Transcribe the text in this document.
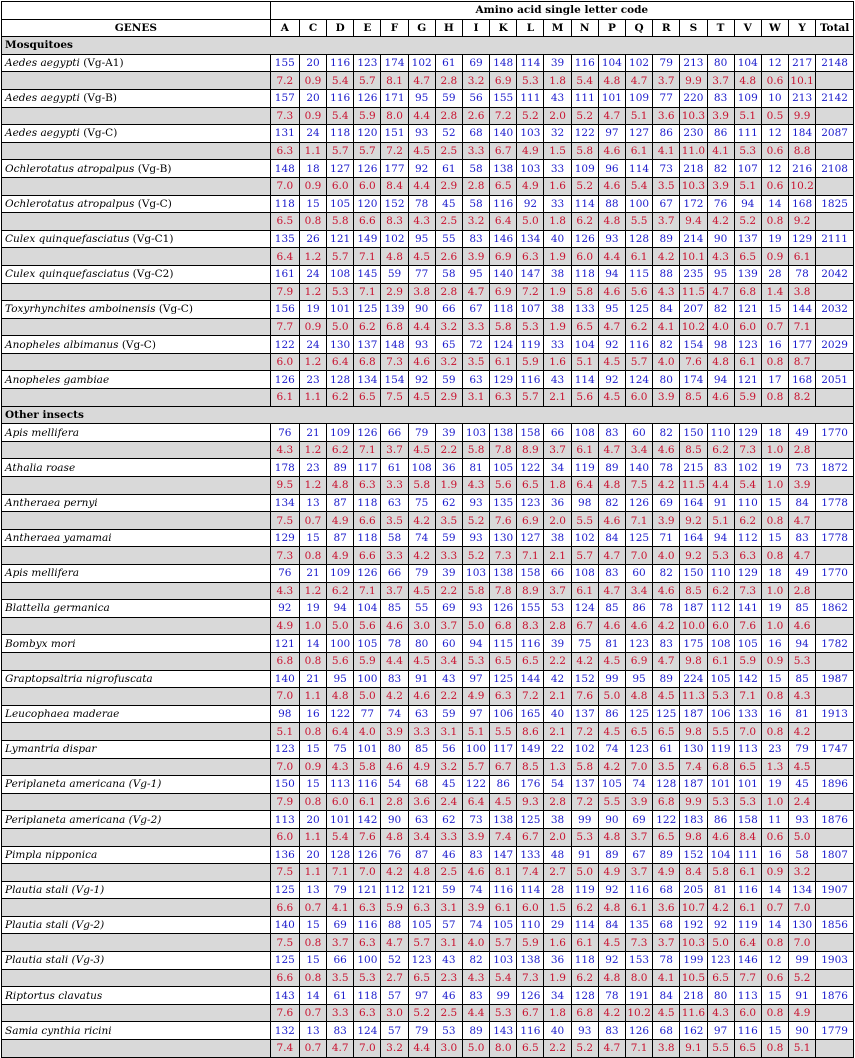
	Amino acid single letter code																				
GENES	A	C	D	E	F	G	H	I	K	L	M	N	P	Q	R	S	T	V	W	Y	Total
Mosquitoes																					
Aedes aegypti (Vg-A1)	155	20	116	123	174	102	61	69	148	114	39	116	104	102	79	213	80	104	12	217	2148
	7.2	0.9	5.4	5.7	8.1	4.7	2.8	3.2	6.9	5.3	1.8	5.4	4.8	4.7	3.7	9.9	3.7	4.8	0.6	10.1	
Aedes aegypti (Vg-B)	157	20	116	126	171	95	59	56	155	111	43	111	101	109	77	220	83	109	10	213	2142
	7.3	0.9	5.4	5.9	8.0	4.4	2.8	2.6	7.2	5.2	2.0	5.2	4.7	5.1	3.6	10.3	3.9	5.1	0.5	9.9	
Aedes aegypti (Vg-C)	131	24	118	120	151	93	52	68	140	103	32	122	97	127	86	230	86	111	12	184	2087
	6.3	1.1	5.7	5.7	7.2	4.5	2.5	3.3	6.7	4.9	1.5	5.8	4.6	6.1	4.1	11.0	4.1	5.3	0.6	8.8	
Ochlerotatus atropalpus (Vg-B)	148	18	127	126	177	92	61	58	138	103	33	109	96	114	73	218	82	107	12	216	2108
	7.0	0.9	6.0	6.0	8.4	4.4	2.9	2.8	6.5	4.9	1.6	5.2	4.6	5.4	3.5	10.3	3.9	5.1	0.6	10.2	
Ochlerotatus atropalpus (Vg-C)	118	15	105	120	152	78	45	58	116	92	33	114	88	100	67	172	76	94	14	168	1825
	6.5	0.8	5.8	6.6	8.3	4.3	2.5	3.2	6.4	5.0	1.8	6.2	4.8	5.5	3.7	9.4	4.2	5.2	0.8	9.2	
Culex quinquefasciatus (Vg-C1)	135	26	121	149	102	95	55	83	146	134	40	126	93	128	89	214	90	137	19	129	2111
	6.4	1.2	5.7	7.1	4.8	4.5	2.6	3.9	6.9	6.3	1.9	6.0	4.4	6.1	4.2	10.1	4.3	6.5	0.9	6.1	
Culex quinquefasciatus (Vg-C2)	161	24	108	145	59	77	58	95	140	147	38	118	94	115	88	235	95	139	28	78	2042
	7.9	1.2	5.3	7.1	2.9	3.8	2.8	4.7	6.9	7.2	1.9	5.8	4.6	5.6	4.3	11.5	4.7	6.8	1.4	3.8	
Toxyrhynchites amboinensis (Vg-C)	156	19	101	125	139	90	66	67	118	107	38	133	95	125	84	207	82	121	15	144	2032
	7.7	0.9	5.0	6.2	6.8	4.4	3.2	3.3	5.8	5.3	1.9	6.5	4.7	6.2	4.1	10.2	4.0	6.0	0.7	7.1	
Anopheles albimanus (Vg-C)	122	24	130	137	148	93	65	72	124	119	33	104	92	116	82	154	98	123	16	177	2029
	6.0	1.2	6.4	6.8	7.3	4.6	3.2	3.5	6.1	5.9	1.6	5.1	4.5	5.7	4.0	7.6	4.8	6.1	0.8	8.7	
Anopheles gambiae	126	23	128	134	154	92	59	63	129	116	43	114	92	124	80	174	94	121	17	168	2051
	6.1	1.1	6.2	6.5	7.5	4.5	2.9	3.1	6.3	5.7	2.1	5.6	4.5	6.0	3.9	8.5	4.6	5.9	0.8	8.2	
Other insects																					
Apis mellifera	76	21	109	126	66	79	39	103	138	158	66	108	83	60	82	150	110	129	18	49	1770
	4.3	1.2	6.2	7.1	3.7	4.5	2.2	5.8	7.8	8.9	3.7	6.1	4.7	3.4	4.6	8.5	6.2	7.3	1.0	2.8	
Athalia roase	178	23	89	117	61	108	36	81	105	122	34	119	89	140	78	215	83	102	19	73	1872
	9.5	1.2	4.8	6.3	3.3	5.8	1.9	4.3	5.6	6.5	1.8	6.4	4.8	7.5	4.2	11.5	4.4	5.4	1.0	3.9	
Antheraea pernyi	134	13	87	118	63	75	62	93	135	123	36	98	82	126	69	164	91	110	15	84	1778
	7.5	0.7	4.9	6.6	3.5	4.2	3.5	5.2	7.6	6.9	2.0	5.5	4.6	7.1	3.9	9.2	5.1	6.2	0.8	4.7	
Antheraea yamamai	129	15	87	118	58	74	59	93	130	127	38	102	84	125	71	164	94	112	15	83	1778
	7.3	0.8	4.9	6.6	3.3	4.2	3.3	5.2	7.3	7.1	2.1	5.7	4.7	7.0	4.0	9.2	5.3	6.3	0.8	4.7	
Apis mellifera	76	21	109	126	66	79	39	103	138	158	66	108	83	60	82	150	110	129	18	49	1770
	4.3	1.2	6.2	7.1	3.7	4.5	2.2	5.8	7.8	8.9	3.7	6.1	4.7	3.4	4.6	8.5	6.2	7.3	1.0	2.8	
Blattella germanica	92	19	94	104	85	55	69	93	126	155	53	124	85	86	78	187	112	141	19	85	1862
	4.9	1.0	5.0	5.6	4.6	3.0	3.7	5.0	6.8	8.3	2.8	6.7	4.6	4.6	4.2	10.0	6.0	7.6	1.0	4.6	
Bombyx mori	121	14	100	105	78	80	60	94	115	116	39	75	81	123	83	175	108	105	16	94	1782
	6.8	0.8	5.6	5.9	4.4	4.5	3.4	5.3	6.5	6.5	2.2	4.2	4.5	6.9	4.7	9.8	6.1	5.9	0.9	5.3	
Graptopsaltria nigrofuscata	140	21	95	100	83	91	43	97	125	144	42	152	99	95	89	224	105	142	15	85	1987
	7.0	1.1	4.8	5.0	4.2	4.6	2.2	4.9	6.3	7.2	2.1	7.6	5.0	4.8	4.5	11.3	5.3	7.1	0.8	4.3	
Leucophaea maderae	98	16	122	77	74	63	59	97	106	165	40	137	86	125	125	187	106	133	16	81	1913
	5.1	0.8	6.4	4.0	3.9	3.3	3.1	5.1	5.5	8.6	2.1	7.2	4.5	6.5	6.5	9.8	5.5	7.0	0.8	4.2	
Lymantria dispar	123	15	75	101	80	85	56	100	117	149	22	102	74	123	61	130	119	113	23	79	1747
	7.0	0.9	4.3	5.8	4.6	4.9	3.2	5.7	6.7	8.5	1.3	5.8	4.2	7.0	3.5	7.4	6.8	6.5	1.3	4.5	
Periplaneta americana (Vg-1)	150	15	113	116	54	68	45	122	86	176	54	137	105	74	128	187	101	101	19	45	1896
	7.9	0.8	6.0	6.1	2.8	3.6	2.4	6.4	4.5	9.3	2.8	7.2	5.5	3.9	6.8	9.9	5.3	5.3	1.0	2.4	
Periplaneta americana (Vg-2)	113	20	101	142	90	63	62	73	138	125	38	99	90	69	122	183	86	158	11	93	1876
	6.0	1.1	5.4	7.6	4.8	3.4	3.3	3.9	7.4	6.7	2.0	5.3	4.8	3.7	6.5	9.8	4.6	8.4	0.6	5.0	
Pimpla nipponica	136	20	128	126	76	87	46	83	147	133	48	91	89	67	89	152	104	111	16	58	1807
	7.5	1.1	7.1	7.0	4.2	4.8	2.5	4.6	8.1	7.4	2.7	5.0	4.9	3.7	4.9	8.4	5.8	6.1	0.9	3.2	
Plautia stali (Vg-1)	125	13	79	121	112	121	59	74	116	114	28	119	92	116	68	205	81	116	14	134	1907
	6.6	0.7	4.1	6.3	5.9	6.3	3.1	3.9	6.1	6.0	1.5	6.2	4.8	6.1	3.6	10.7	4.2	6.1	0.7	7.0	
Plautia stali (Vg-2)	140	15	69	116	88	105	57	74	105	110	29	114	84	135	68	192	92	119	14	130	1856
	7.5	0.8	3.7	6.3	4.7	5.7	3.1	4.0	5.7	5.9	1.6	6.1	4.5	7.3	3.7	10.3	5.0	6.4	0.8	7.0	
Plautia stali (Vg-3)	125	15	66	100	52	123	43	82	103	138	36	118	92	153	78	199	123	146	12	99	1903
	6.6	0.8	3.5	5.3	2.7	6.5	2.3	4.3	5.4	7.3	1.9	6.2	4.8	8.0	4.1	10.5	6.5	7.7	0.6	5.2	
Riptortus clavatus	143	14	61	118	57	97	46	83	99	126	34	128	78	191	84	218	80	113	15	91	1876
	7.6	0.7	3.3	6.3	3.0	5.2	2.5	4.4	5.3	6.7	1.8	6.8	4.2	10.2	4.5	11.6	4.3	6.0	0.8	4.9	
Samia cynthia ricini	132	13	83	124	57	79	53	89	143	116	40	93	83	126	68	162	97	116	15	90	1779
	7.4	0.7	4.7	7.0	3.2	4.4	3.0	5.0	8.0	6.5	2.2	5.2	4.7	7.1	3.8	9.1	5.5	6.5	0.8	5.1	
